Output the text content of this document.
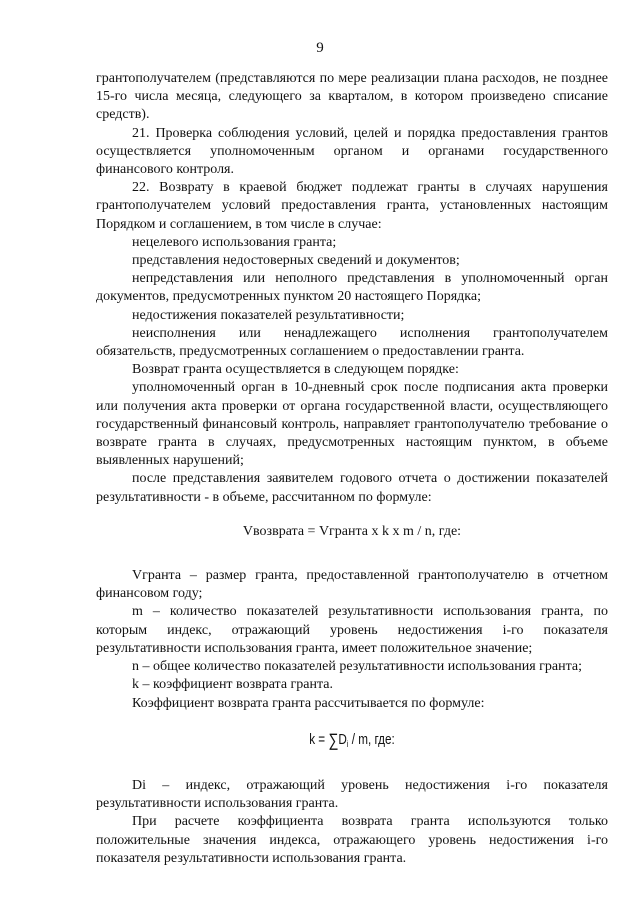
9

грантополучателем (представляются по мере реализации плана расходов, не позднее 15-го числа месяца, следующего за кварталом, в котором произведено списание средств).

21. Проверка соблюдения условий, целей и порядка предоставления грантов осуществляется уполномоченным органом и органами государственного финансового контроля.

22. Возврату в краевой бюджет подлежат гранты в случаях нарушения грантополучателем условий предоставления гранта, установленных настоящим Порядком и соглашением, в том числе в случае:

нецелевого использования гранта;

представления недостоверных сведений и документов;

непредставления или неполного представления в уполномоченный орган документов, предусмотренных пунктом 20 настоящего Порядка;

недостижения показателей результативности;

неисполнения или ненадлежащего исполнения грантополучателем обязательств, предусмотренных соглашением о предоставлении гранта.

Возврат гранта осуществляется в следующем порядке:

уполномоченный орган в 10-дневный срок после подписания акта проверки или получения акта проверки от органа государственной власти, осуществляющего государственный финансовый контроль, направляет грантополучателю требование о возврате гранта в случаях, предусмотренных настоящим пунктом, в объеме выявленных нарушений;

после представления заявителем годового отчета о достижении показателей результативности - в объеме, рассчитанном по формуле:

Vвозврата = Vгранта x k x m / n, где:

Vгранта – размер гранта, предоставленной грантополучателю в отчетном финансовом году;

m – количество показателей результативности использования гранта, по которым индекс, отражающий уровень недостижения i-го показателя результативности использования гранта, имеет положительное значение;

n – общее количество показателей результативности использования гранта;

k – коэффициент возврата гранта.

Коэффициент возврата гранта рассчитывается по формуле:

$k = \sum D_i / m$, где:

Di – индекс, отражающий уровень недостижения i-го показателя результативности использования гранта.

При расчете коэффициента возврата гранта используются только положительные значения индекса, отражающего уровень недостижения i-го показателя результативности использования гранта.
